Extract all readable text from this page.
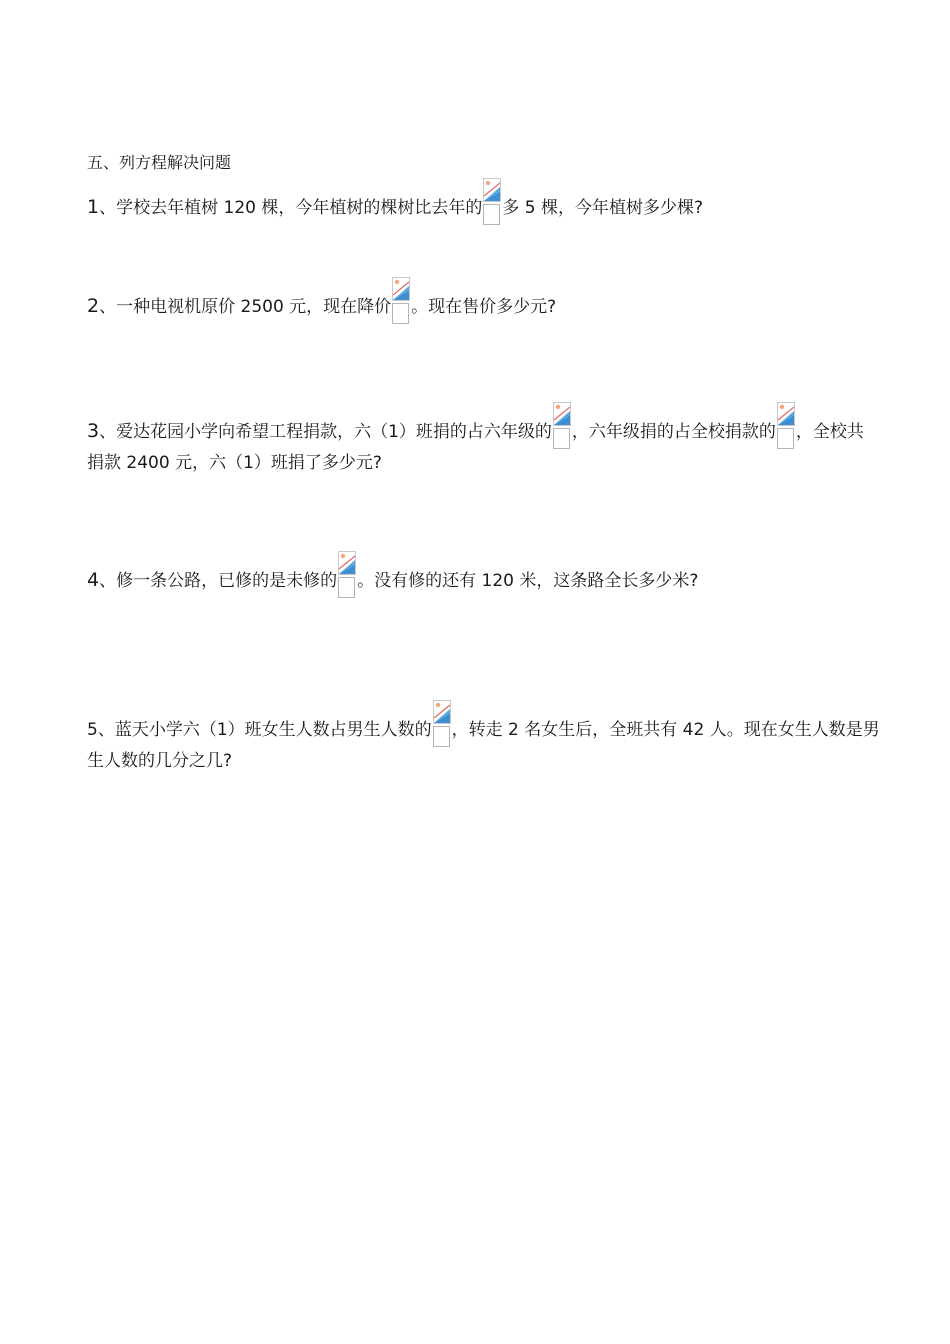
五、列方程解决问题
1、学校去年植树 120 棵，今年植树的棵树比去年的 多 5 棵，今年植树多少棵?
2、一种电视机原价 2500 元，现在降价 。现在售价多少元?
3、爱达花园小学向希望工程捐款，六（1）班捐的占六年级的 ，六年级捐的占全校捐款的 ，全校共
捐款 2400 元，六（1）班捐了多少元?
4、修一条公路，已修的是未修的 。没有修的还有 120 米，这条路全长多少米?
5、蓝天小学六（1）班女生人数占男生人数的 ，转走 2 名女生后，全班共有 42 人。现在女生人数是男
生人数的几分之几?
